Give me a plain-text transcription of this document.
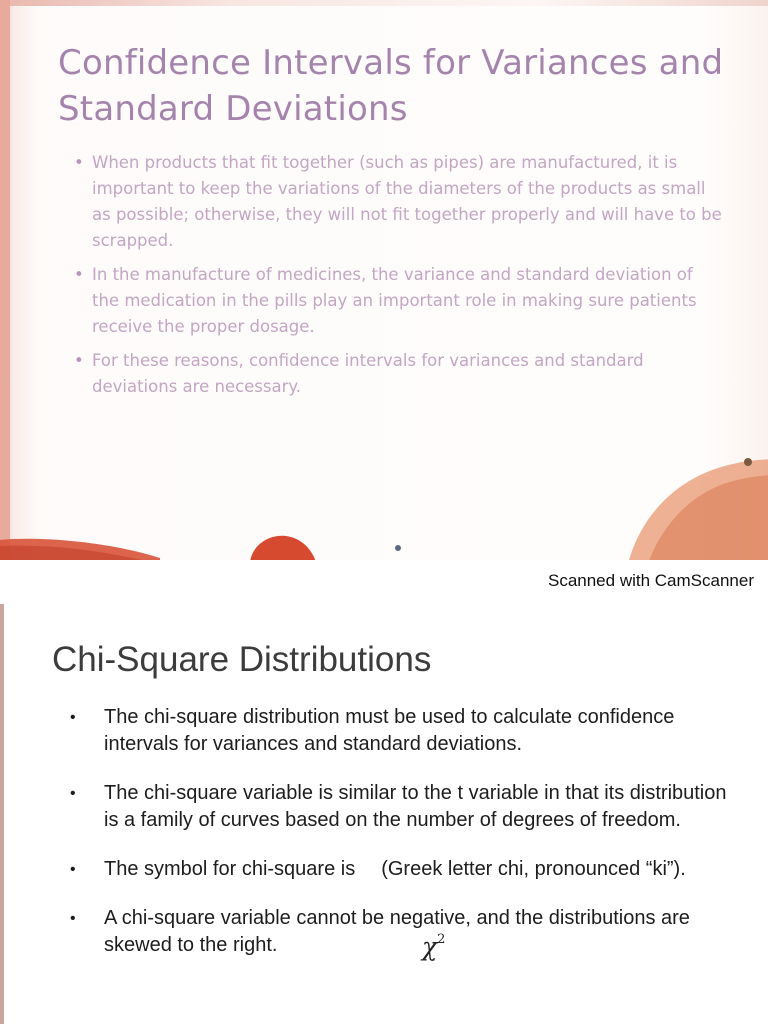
Confidence Intervals for Variances and Standard Deviations
• When products that fit together (such as pipes) are manufactured, it is important to keep the variations of the diameters of the products as small as possible; otherwise, they will not fit together properly and will have to be scrapped.
• In the manufacture of medicines, the variance and standard deviation of the medication in the pills play an important role in making sure patients receive the proper dosage.
• For these reasons, confidence intervals for variances and standard deviations are necessary.
Scanned with CamScanner
Chi-Square Distributions
• The chi-square distribution must be used to calculate confidence intervals for variances and standard deviations.
• The chi-square variable is similar to the t variable in that its distribution is a family of curves based on the number of degrees of freedom.
• The symbol for chi-square is (Greek letter chi, pronounced “ki”).
• A chi-square variable cannot be negative, and the distributions are skewed to the right.	$\chi^2$
